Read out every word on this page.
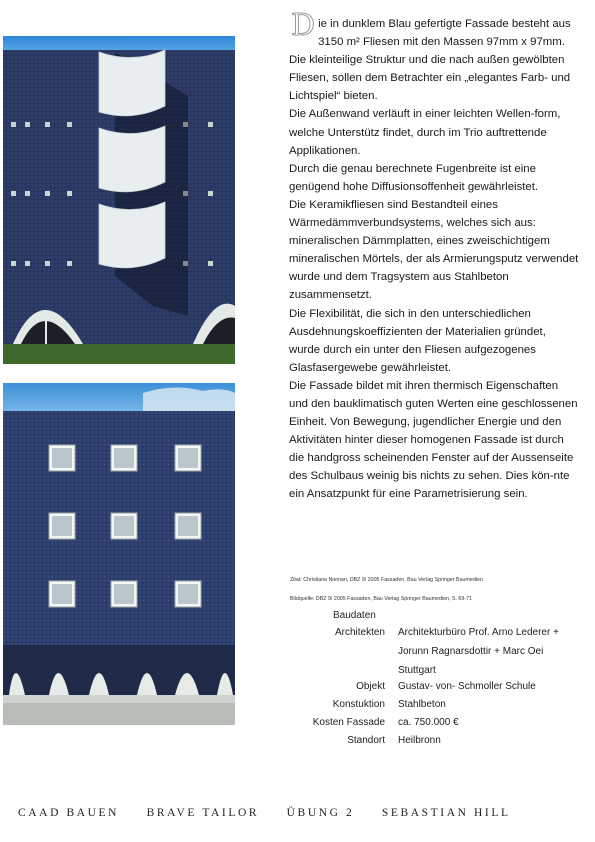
D ie in dunklem Blau gefertigte Fassade besteht aus 3150 m² Fliesen mit den Massen 97mm x 97mm.

Die kleinteilige Struktur und die nach außen gewölbten Fliesen, sollen dem Betrachter ein „elegantes Farb- und Lichtspiel“ bieten.

Die Außenwand verläuft in einer leichten Wellen-form, welche Unterstütz findet, durch im Trio auftrettende Applikationen.

Durch die genau berechnete Fugenbreite ist eine genügend hohe Diffusionsoffenheit gewährleistet.

Die Keramikfliesen sind Bestandteil eines Wärmedämmverbundsystems, welches sich aus: mineralischen Dämmplatten, eines zweischichtigem mineralischen Mörtels, der als Armierungsputz verwendet wurde und dem Tragsystem aus Stahlbeton zusammensetzt.

Die Flexibilität, die sich in den unterschiedlichen Ausdehnungskoeffizienten der Materialien gründet, wurde durch ein unter den Fliesen aufgezogenes Glasfasergewebe gewährleistet.

Die Fassade bildet mit ihren thermisch Eigenschaften und den bauklimatisch guten Werten eine geschlossenen Einheit. Von Bewegung, jugendlicher Energie und den Aktivitäten hinter dieser homogenen Fassade ist durch die handgross scheinenden Fenster auf der Aussenseite des Schulbaus weinig bis nichts zu sehen. Dies kön-nte ein Ansatzpunkt für eine Parametrisierung sein.

Zitat: Christiane Nieman, DBZ 9/ 2005 Fassaden, Bau Verlag Springer Baumedien
Bildquelle: DBZ 9/ 2005 Fassaden, Bau Verlag Springer Baumedien, S. 69-71
Baudaten
Architekten Architekturbüro Prof. Arno Lederer +
Jorunn Ragnarsdottir + Marc Oei
Stuttgart
Objekt Gustav- von- Schmoller Schule
Konstuktion Stahlbeton
Kosten Fassade ca. 750.000 €
Standort Heilbronn
CAAD BAUEN BRAVE TAILOR ÜBUNG 2 SEBASTIAN HILL
